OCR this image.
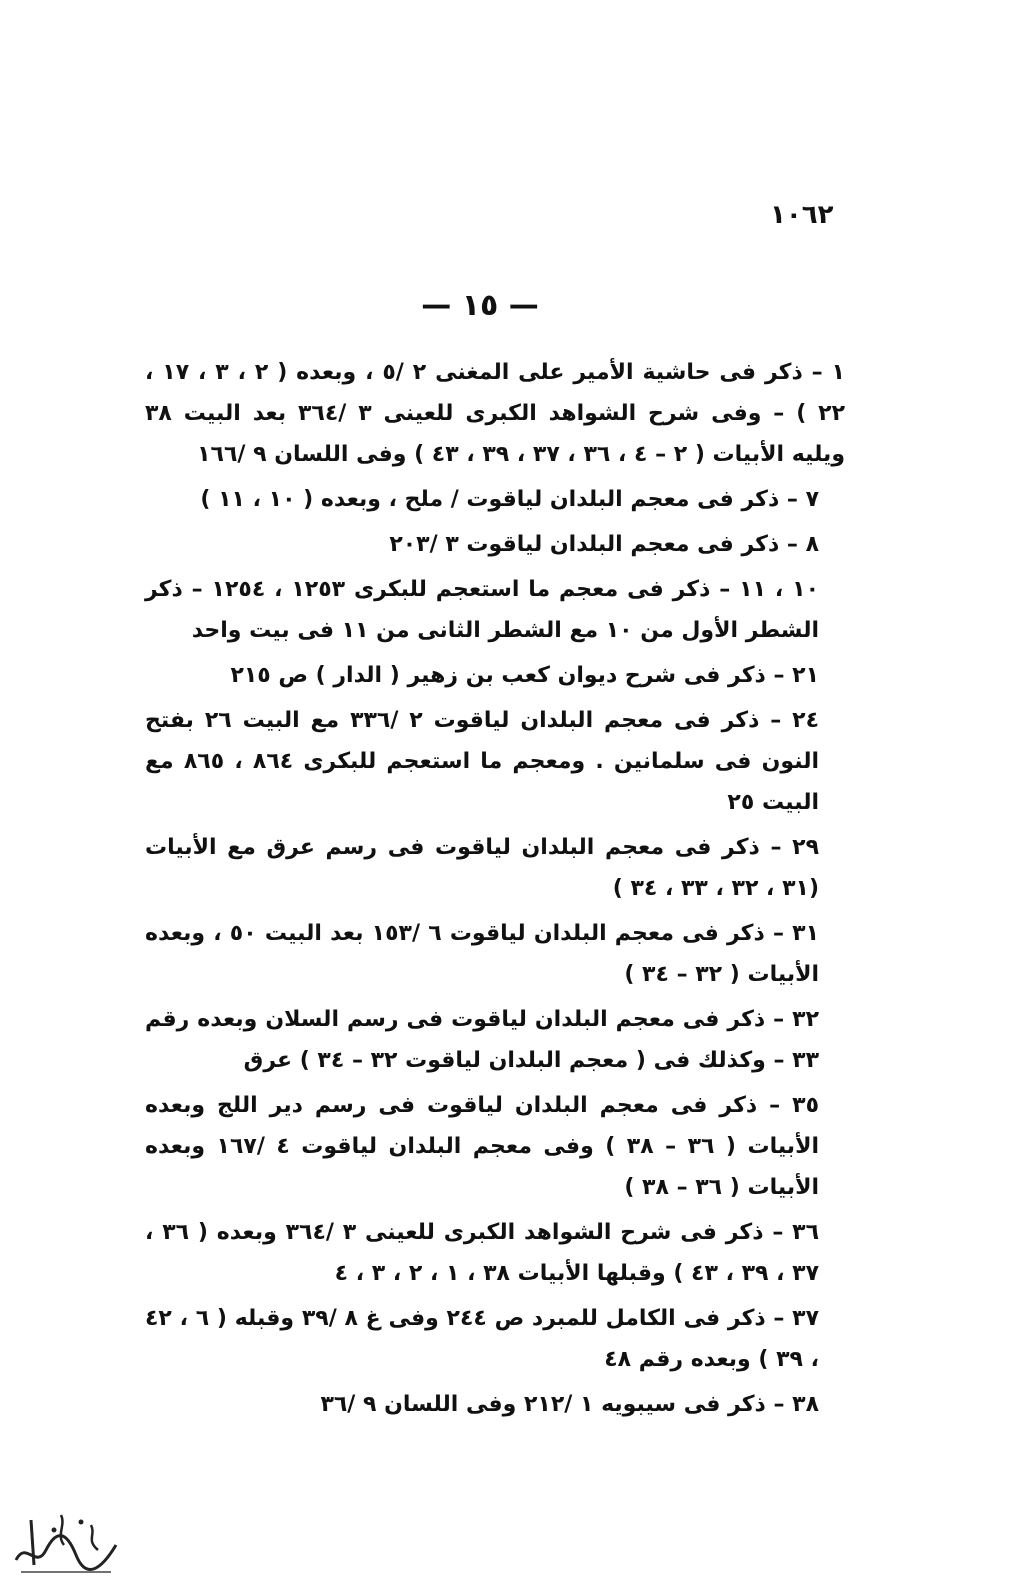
١٠٦٢
— ١٥ —

١ – ذكر فى حاشية الأمير على المغنى ٢ /٥ ، وبعده ( ٢ ، ٣ ، ١٧ ، ٢٢ ) – وفى شرح الشواهد الكبرى للعينى ٣ /٣٦٤ بعد البيت ٣٨ ويليه الأبيات ( ٢ – ٤ ، ٣٦ ، ٣٧ ، ٣٩ ، ٤٣ ) وفى اللسان ٩ /١٦٦

٧ – ذكر فى معجم البلدان لياقوت / ملح ، وبعده ( ١٠ ، ١١ )

٨ – ذكر فى معجم البلدان لياقوت ٣ /٢٠٣

١٠ ، ١١ – ذكر فى معجم ما استعجم للبكرى ١٢٥٣ ، ١٢٥٤ – ذكر الشطر الأول من ١٠ مع الشطر الثانى من ١١ فى بيت واحد

٢١ – ذكر فى شرح ديوان كعب بن زهير ( الدار ) ص ٢١٥

٢٤ – ذكر فى معجم البلدان لياقوت ٢ /٣٣٦ مع البيت ٢٦ بفتح النون فى سلمانين . ومعجم ما استعجم للبكرى ٨٦٤ ، ٨٦٥ مع البيت ٢٥

٢٩ – ذكر فى معجم البلدان لياقوت فى رسم عرق مع الأبيات (٣١ ، ٣٢ ، ٣٣ ، ٣٤ )

٣١ – ذكر فى معجم البلدان لياقوت ٦ /١٥٣ بعد البيت ٥٠ ، وبعده الأبيات ( ٣٢ – ٣٤ )

٣٢ – ذكر فى معجم البلدان لياقوت فى رسم السلان وبعده رقم ٣٣ – وكذلك فى ( معجم البلدان لياقوت ٣٢ – ٣٤ ) عرق

٣٥ – ذكر فى معجم البلدان لياقوت فى رسم دير اللج وبعده الأبيات ( ٣٦ – ٣٨ ) وفى معجم البلدان لياقوت ٤ /١٦٧ وبعده الأبيات ( ٣٦ – ٣٨ )

٣٦ – ذكر فى شرح الشواهد الكبرى للعينى ٣ /٣٦٤ وبعده ( ٣٦ ، ٣٧ ، ٣٩ ، ٤٣ ) وقبلها الأبيات ٣٨ ، ١ ، ٢ ، ٣ ، ٤

٣٧ – ذكر فى الكامل للمبرد ص ٢٤٤ وفى غ ٨ /٣٩ وقبله ( ٦ ، ٤٢ ، ٣٩ ) وبعده رقم ٤٨

٣٨ – ذكر فى سيبويه ١ /٢١٢ وفى اللسان ٩ /٣٦
